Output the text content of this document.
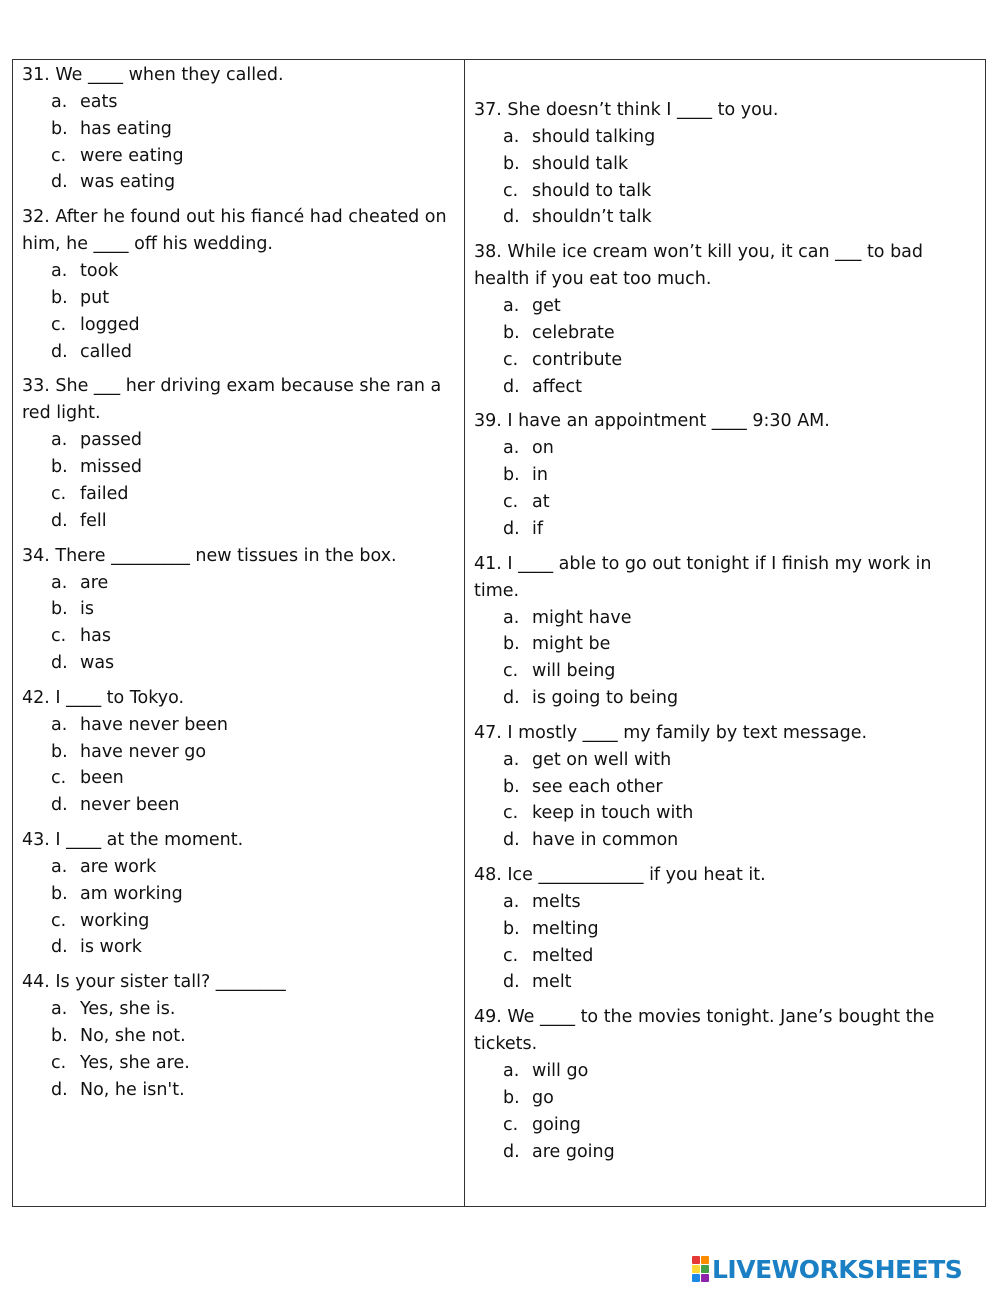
31. We ____ when they called.

a. eats
b. has eating
c. were eating
d. was eating

32. After he found out his fiancé had cheated on him, he ____ off his wedding.

a. took
b. put
c. logged
d. called

33. She ___ her driving exam because she ran a red light.

a. passed
b. missed
c. failed
d. fell

34. There _________ new tissues in the box.

a. are
b. is
c. has
d. was

42. I ____ to Tokyo.

a. have never been
b. have never go
c. been
d. never been

43. I ____ at the moment.

a. are work
b. am working
c. working
d. is work

44. Is your sister tall? ________

a. Yes, she is.
b. No, she not.
c. Yes, she are.
d. No, he isn't.

37. She doesn’t think I ____ to you.

a. should talking
b. should talk
c. should to talk
d. shouldn’t talk

38. While ice cream won’t kill you, it can ___ to bad health if you eat too much.

a. get
b. celebrate
c. contribute
d. affect

39. I have an appointment ____ 9:30 AM.

a. on
b. in
c. at
d. if

41. I ____ able to go out tonight if I finish my work in time.

a. might have
b. might be
c. will being
d. is going to being

47. I mostly ____ my family by text message.

a. get on well with
b. see each other
c. keep in touch with
d. have in common

48. Ice ____________ if you heat it.

a. melts
b. melting
c. melted
d. melt

49. We ____ to the movies tonight. Jane’s bought the tickets.

a. will go
b. go
c. going
d. are going
LIVEWORKSHEETS
